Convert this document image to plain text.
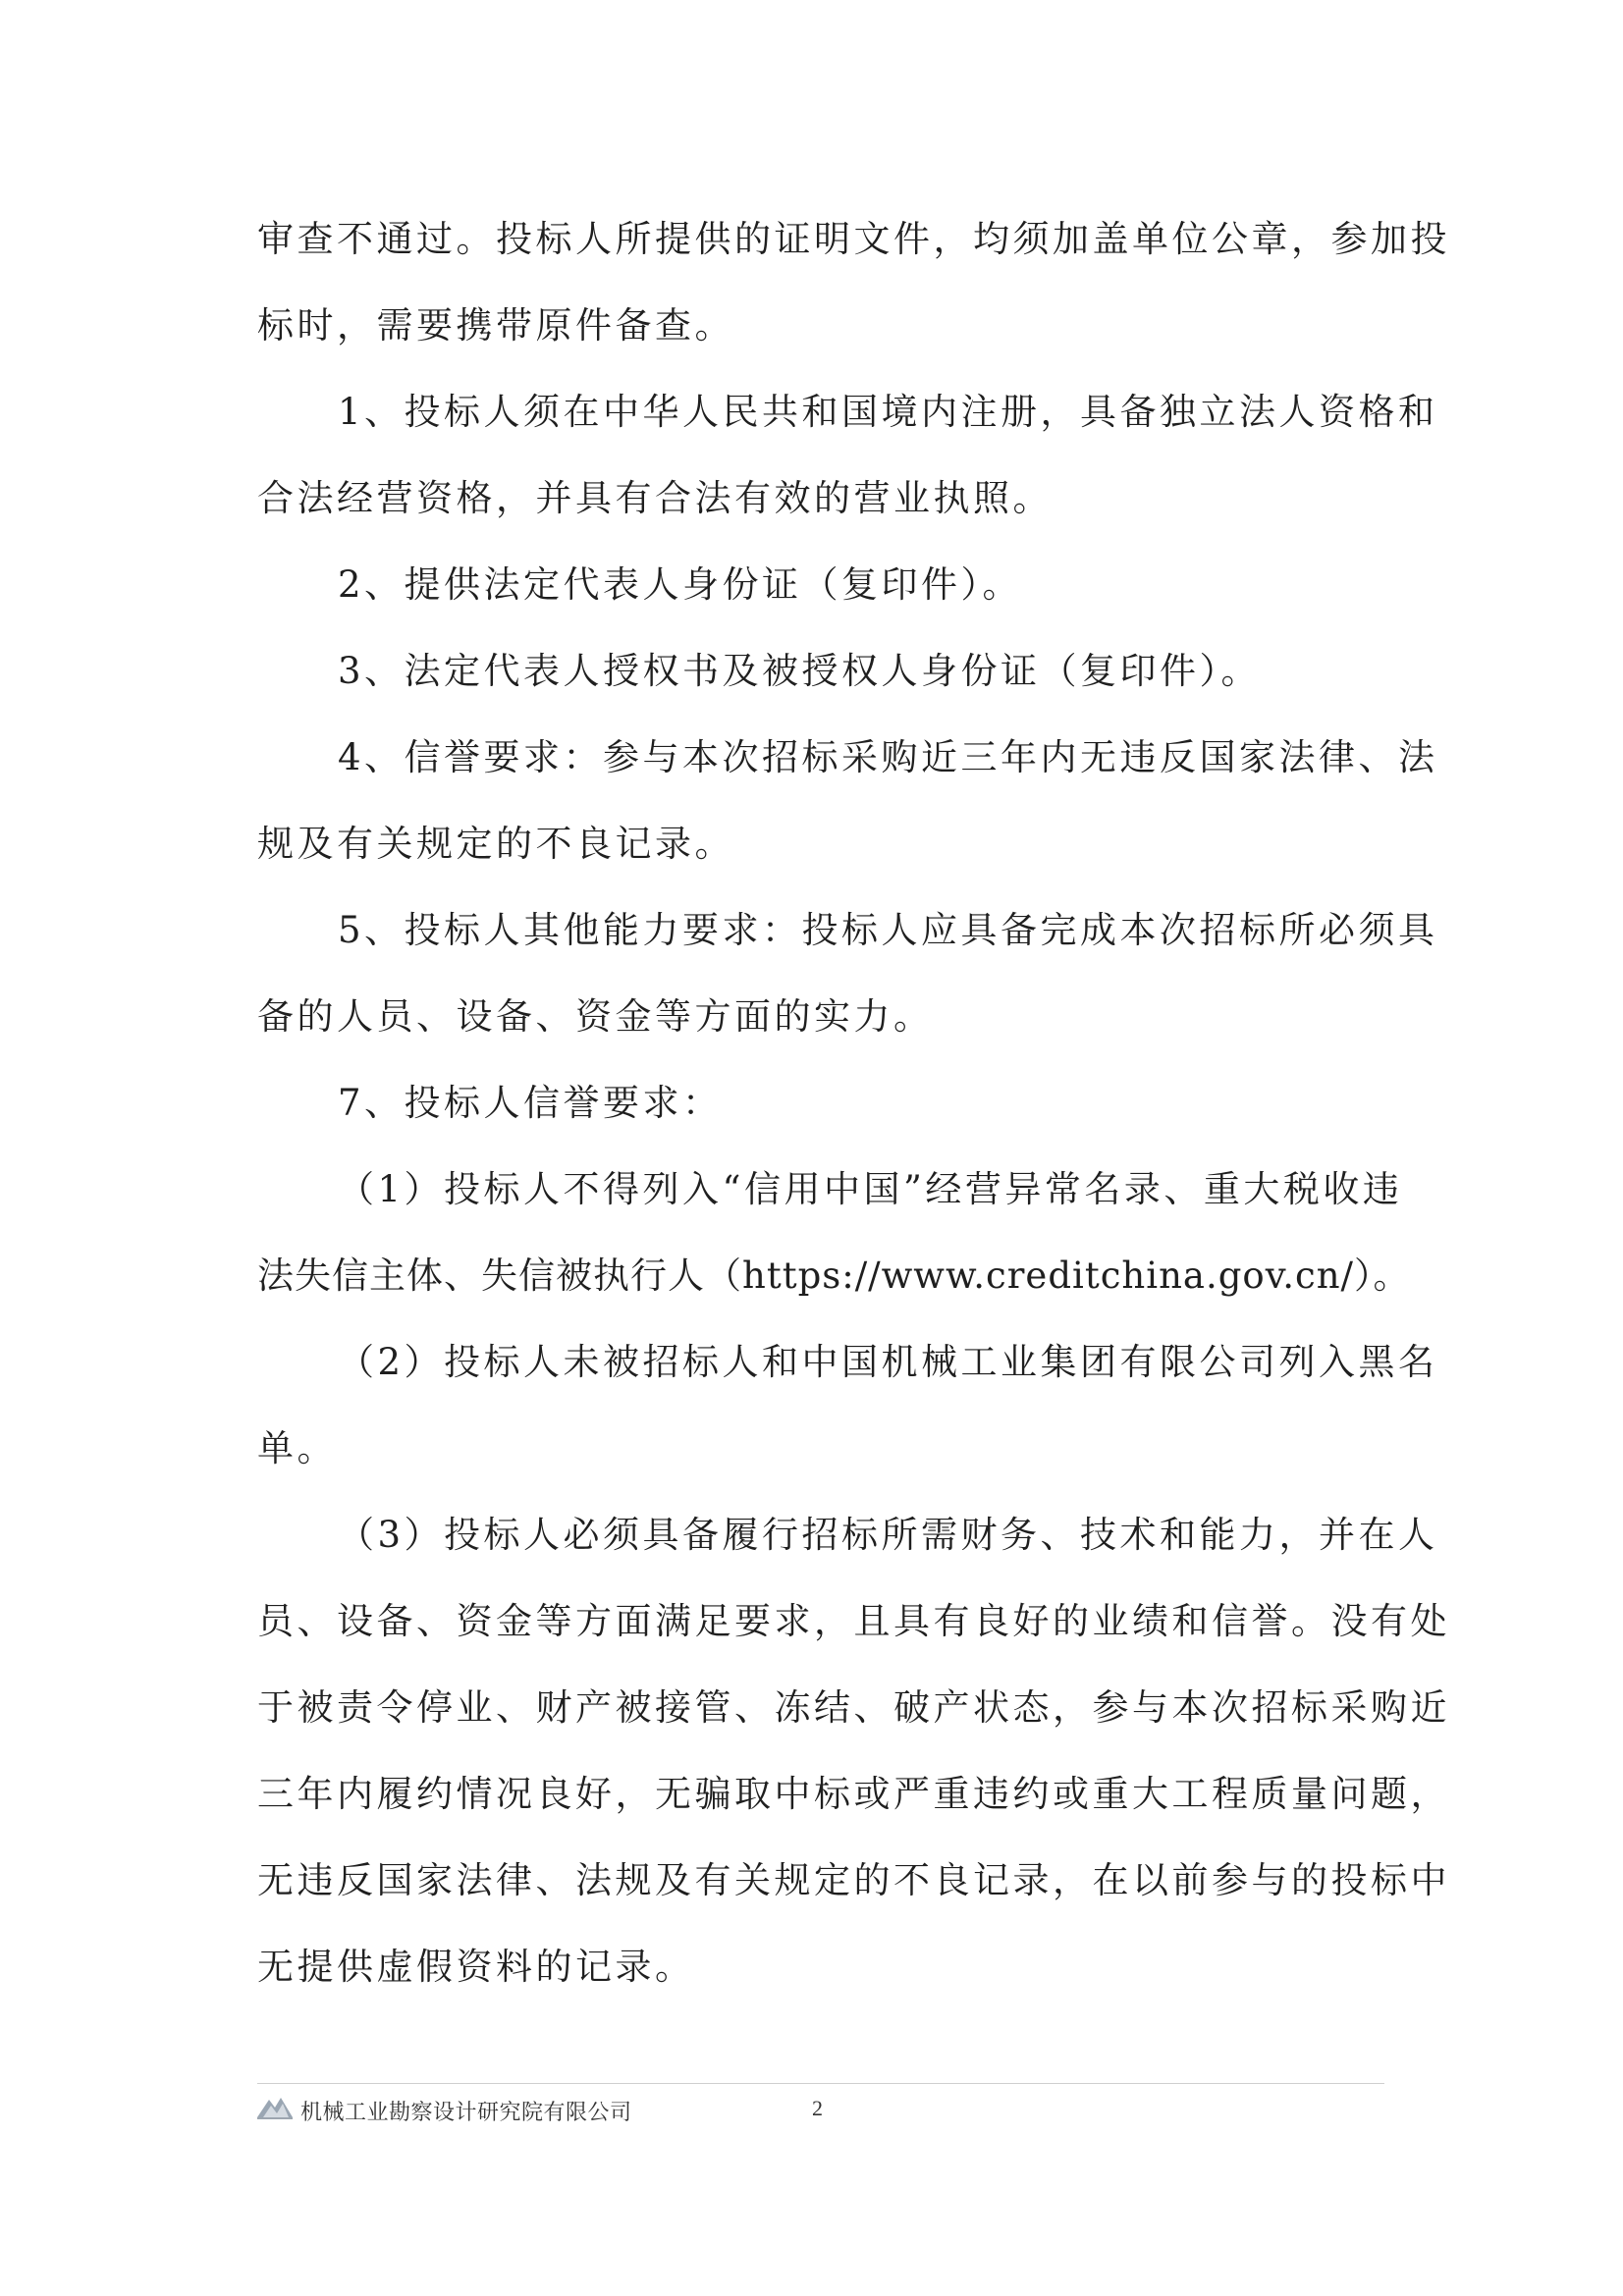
审查不通过。投标人所提供的证明文件，均须加盖单位公章，参加投

标时，需要携带原件备查。

1、投标人须在中华人民共和国境内注册，具备独立法人资格和

合法经营资格，并具有合法有效的营业执照。

2、提供法定代表人身份证（复印件）。

3、法定代表人授权书及被授权人身份证（复印件）。

4、信誉要求：参与本次招标采购近三年内无违反国家法律、法

规及有关规定的不良记录。

5、投标人其他能力要求：投标人应具备完成本次招标所必须具

备的人员、设备、资金等方面的实力。

7、投标人信誉要求：

（1）投标人不得列入“信用中国”经营异常名录、重大税收违

法失信主体、失信被执行人（https://www.creditchina.gov.cn/）。

（2）投标人未被招标人和中国机械工业集团有限公司列入黑名

单。

（3）投标人必须具备履行招标所需财务、技术和能力，并在人

员、设备、资金等方面满足要求，且具有良好的业绩和信誉。没有处

于被责令停业、财产被接管、冻结、破产状态，参与本次招标采购近

三年内履约情况良好，无骗取中标或严重违约或重大工程质量问题，

无违反国家法律、法规及有关规定的不良记录，在以前参与的投标中

无提供虚假资料的记录。

机械工业勘察设计研究院有限公司	2
